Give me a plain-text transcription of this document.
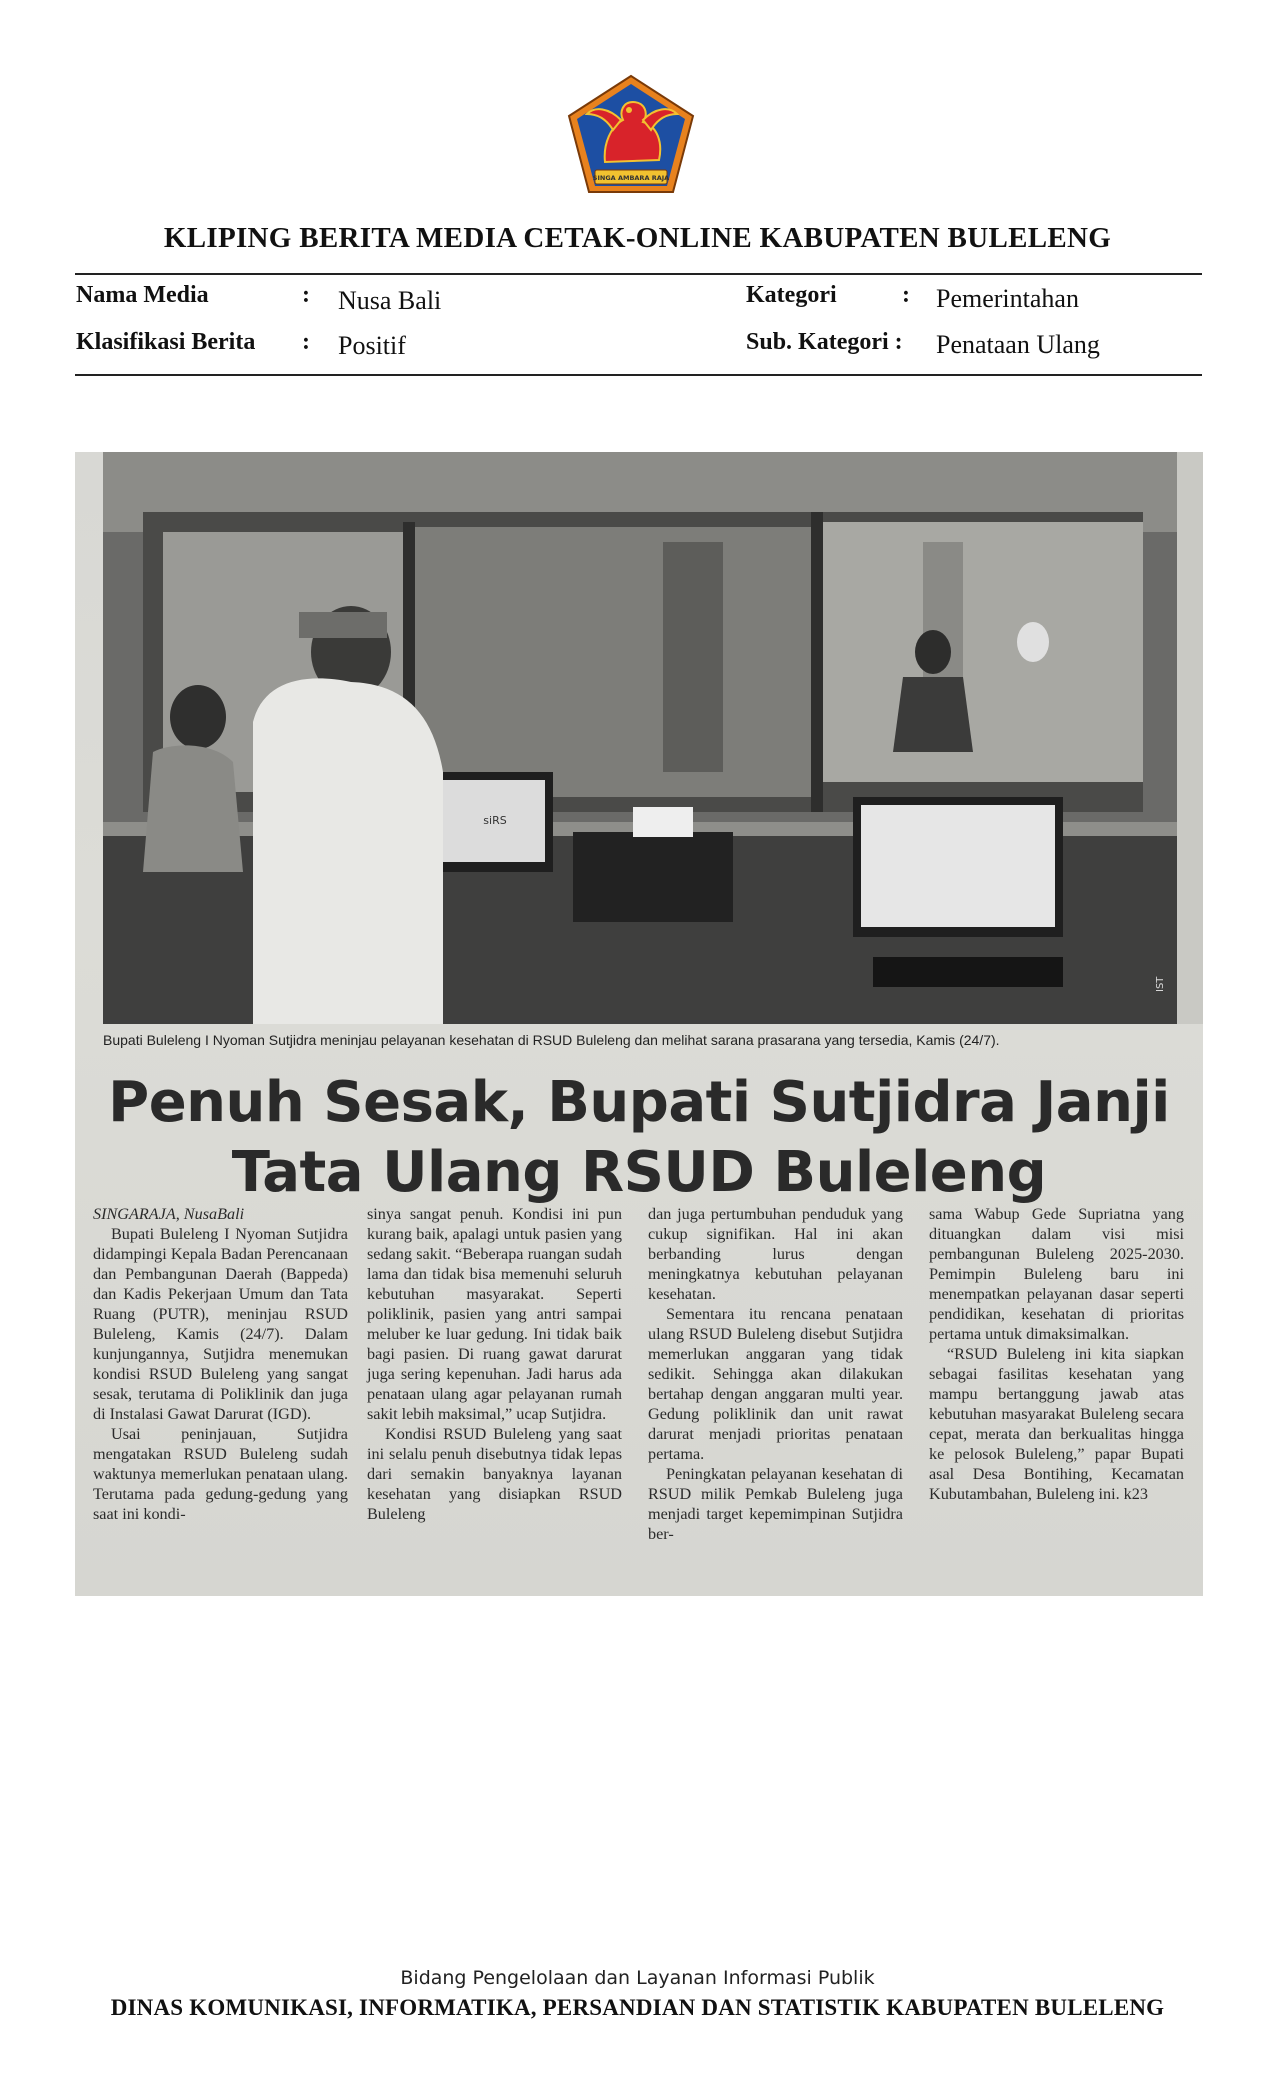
SINGA AMBARA RAJA
KLIPING BERITA MEDIA CETAK-ONLINE KABUPATEN BULELENG
Nama Media	: Nusa Bali	Kategori	: Pemerintahan
Klasifikasi Berita : Positif	Sub. Kategori : Penataan Ulang
siRS
IST
Bupati Buleleng I Nyoman Sutjidra meninjau pelayanan kesehatan di RSUD Buleleng dan melihat sarana prasarana yang tersedia, Kamis (24/7).
Penuh Sesak, Bupati Sutjidra Janji
Tata Ulang RSUD Buleleng

SINGARAJA, NusaBali

Bupati Buleleng I Nyoman Sutjidra didampingi Kepala Badan Perencanaan dan Pembangunan Daerah (Bappeda) dan Kadis Pekerjaan Umum dan Tata Ruang (PUTR), meninjau RSUD Buleleng, Kamis (24/7). Dalam kunjungannya, Sutjidra menemukan kondisi RSUD Buleleng yang sangat sesak, terutama di Poliklinik dan juga di Instalasi Gawat Darurat (IGD).

Usai peninjauan, Sutjidra mengatakan RSUD Buleleng sudah waktunya memerlukan penataan ulang. Terutama pada gedung-gedung yang saat ini kondi-

sinya sangat penuh. Kondisi ini pun kurang baik, apalagi untuk pasien yang sedang sakit. “Beberapa ruangan sudah lama dan tidak bisa memenuhi seluruh kebutuhan masyarakat. Seperti poliklinik, pasien yang antri sampai meluber ke luar gedung. Ini tidak baik bagi pasien. Di ruang gawat darurat juga sering kepenuhan. Jadi harus ada penataan ulang agar pelayanan rumah sakit lebih maksimal,” ucap Sutjidra.

Kondisi RSUD Buleleng yang saat ini selalu penuh disebutnya tidak lepas dari semakin banyaknya layanan kesehatan yang disiapkan RSUD Buleleng

dan juga pertumbuhan penduduk yang cukup signifikan. Hal ini akan berbanding lurus dengan meningkatnya kebutuhan pelayanan kesehatan.

Sementara itu rencana penataan ulang RSUD Buleleng disebut Sutjidra memerlukan anggaran yang tidak sedikit. Sehingga akan dilakukan bertahap dengan anggaran multi year. Gedung poliklinik dan unit rawat darurat menjadi prioritas penataan pertama.

Peningkatan pelayanan kesehatan di RSUD milik Pemkab Buleleng juga menjadi target kepemimpinan Sutjidra ber-

sama Wabup Gede Supriatna yang dituangkan dalam visi misi pembangunan Buleleng 2025-2030. Pemimpin Buleleng baru ini menempatkan pelayanan dasar seperti pendidikan, kesehatan di prioritas pertama untuk dimaksimalkan.

“RSUD Buleleng ini kita siapkan sebagai fasilitas kesehatan yang mampu bertanggung jawab atas kebutuhan masyarakat Buleleng secara cepat, merata dan berkualitas hingga ke pelosok Buleleng,” papar Bupati asal Desa Bontihing, Kecamatan Kubutambahan, Buleleng ini. k23

Bidang Pengelolaan dan Layanan Informasi Publik
DINAS KOMUNIKASI, INFORMATIKA, PERSANDIAN DAN STATISTIK KABUPATEN BULELENG
